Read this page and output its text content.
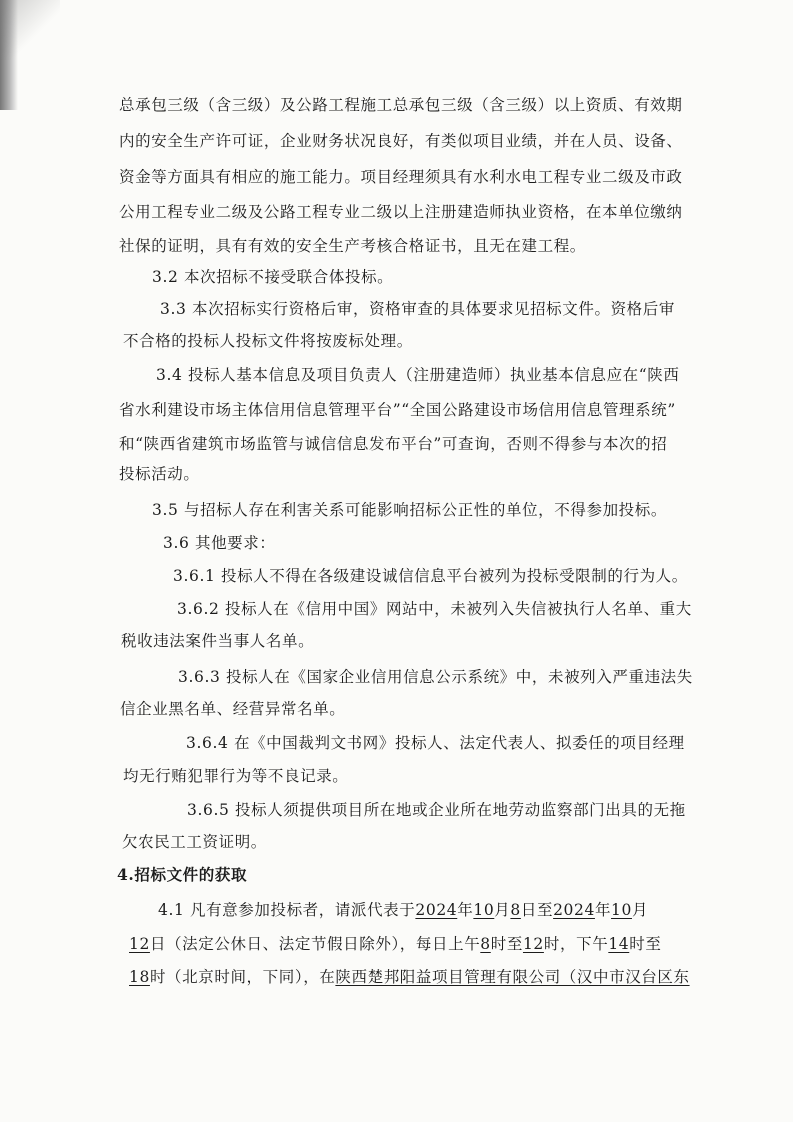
总承包三级（含三级）及公路工程施工总承包三级（含三级）以上资质、有效期
内的安全生产许可证，企业财务状况良好，有类似项目业绩，并在人员、设备、
资金等方面具有相应的施工能力。项目经理须具有水利水电工程专业二级及市政
公用工程专业二级及公路工程专业二级以上注册建造师执业资格，在本单位缴纳
社保的证明，具有有效的安全生产考核合格证书，且无在建工程。
3.2 本次招标不接受联合体投标。
3.3 本次招标实行资格后审，资格审查的具体要求见招标文件。资格后审
不合格的投标人投标文件将按废标处理。
3.4 投标人基本信息及项目负责人（注册建造师）执业基本信息应在“陕西
省水利建设市场主体信用信息管理平台”“全国公路建设市场信用信息管理系统”
和“陕西省建筑市场监管与诚信信息发布平台”可查询，否则不得参与本次的招
投标活动。
3.5 与招标人存在利害关系可能影响招标公正性的单位，不得参加投标。
3.6 其他要求：
3.6.1 投标人不得在各级建设诚信信息平台被列为投标受限制的行为人。
3.6.2 投标人在《信用中国》网站中，未被列入失信被执行人名单、重大
税收违法案件当事人名单。
3.6.3 投标人在《国家企业信用信息公示系统》中，未被列入严重违法失
信企业黑名单、经营异常名单。
3.6.4 在《中国裁判文书网》投标人、法定代表人、拟委任的项目经理
均无行贿犯罪行为等不良记录。
3.6.5 投标人须提供项目所在地或企业所在地劳动监察部门出具的无拖
欠农民工工资证明。
4.招标文件的获取
4.1 凡有意参加投标者，请派代表于2024年10月8日至2024年10月
12日（法定公休日、法定节假日除外），每日上午8时至12时，下午14时至
18时（北京时间，下同），在陕西楚邦阳益项目管理有限公司（汉中市汉台区东
